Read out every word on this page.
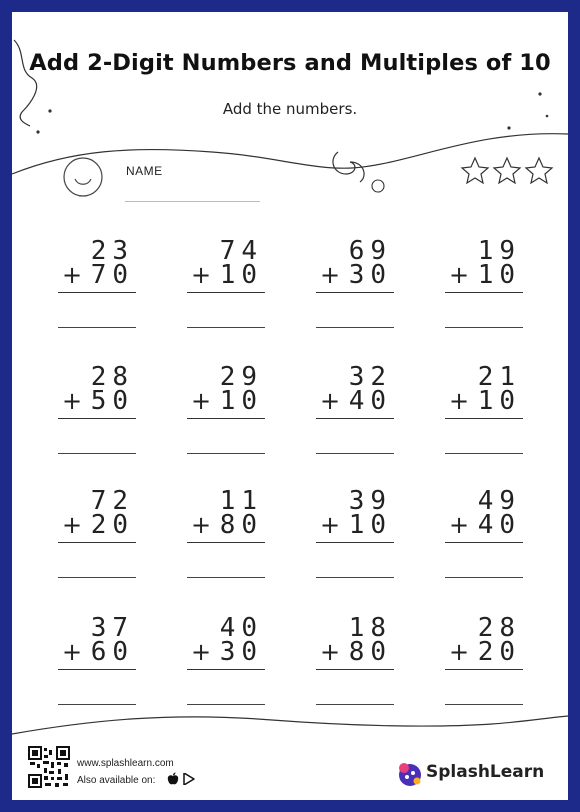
Add 2-Digit Numbers and Multiples of 10
Add the numbers.
NAME
23
+ 70
74
+ 10
69
+ 30
19
+ 10
28
+ 50
29
+ 10
32
+ 40
21
+ 10
72
+ 20
11
+ 80
39
+ 10
49
+ 40
37
+ 60
40
+ 30
18
+ 80
28
+ 20
www.splashlearn.com
Also available on:	SplashLearn
